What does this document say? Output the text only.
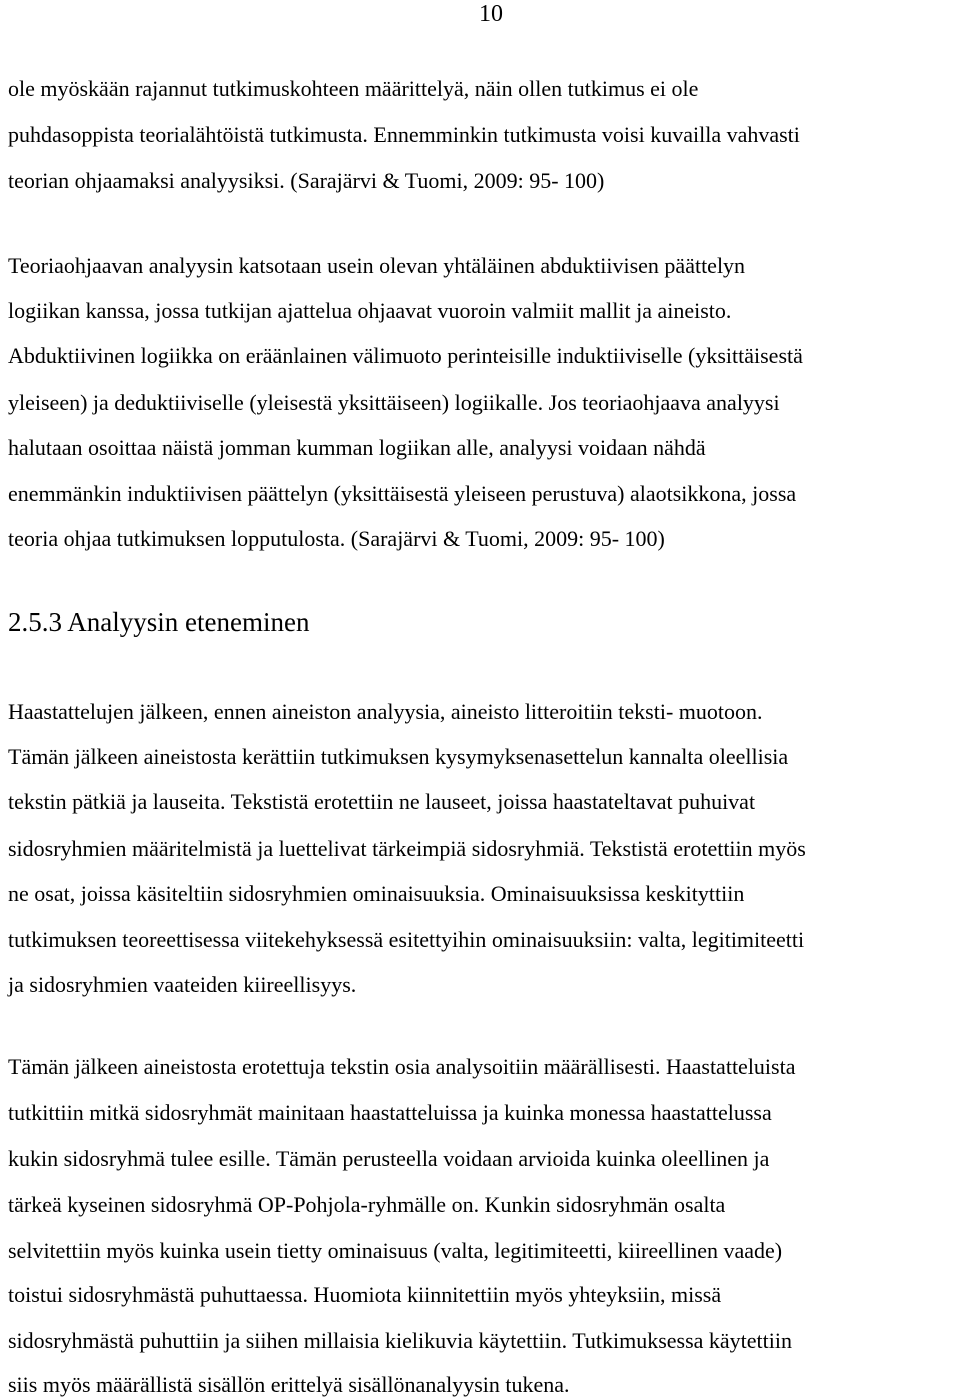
10
ole myöskään rajannut tutkimuskohteen määrittelyä, näin ollen tutkimus ei ole
puhdasoppista teorialähtöistä tutkimusta. Ennemminkin tutkimusta voisi kuvailla vahvasti
teorian ohjaamaksi analyysiksi. (Sarajärvi & Tuomi, 2009: 95- 100)
Teoriaohjaavan analyysin katsotaan usein olevan yhtäläinen abduktiivisen päättelyn
logiikan kanssa, jossa tutkijan ajattelua ohjaavat vuoroin valmiit mallit ja aineisto.
Abduktiivinen logiikka on eräänlainen välimuoto perinteisille induktiiviselle (yksittäisestä
yleiseen) ja deduktiiviselle (yleisestä yksittäiseen) logiikalle. Jos teoriaohjaava analyysi
halutaan osoittaa näistä jomman kumman logiikan alle, analyysi voidaan nähdä
enemmänkin induktiivisen päättelyn (yksittäisestä yleiseen perustuva) alaotsikkona, jossa
teoria ohjaa tutkimuksen lopputulosta. (Sarajärvi & Tuomi, 2009: 95- 100)
2.5.3 Analyysin eteneminen
Haastattelujen jälkeen, ennen aineiston analyysia, aineisto litteroitiin teksti- muotoon.
Tämän jälkeen aineistosta kerättiin tutkimuksen kysymyksenasettelun kannalta oleellisia
tekstin pätkiä ja lauseita. Tekstistä erotettiin ne lauseet, joissa haastateltavat puhuivat
sidosryhmien määritelmistä ja luettelivat tärkeimpiä sidosryhmiä. Tekstistä erotettiin myös
ne osat, joissa käsiteltiin sidosryhmien ominaisuuksia. Ominaisuuksissa keskityttiin
tutkimuksen teoreettisessa viitekehyksessä esitettyihin ominaisuuksiin: valta, legitimiteetti
ja sidosryhmien vaateiden kiireellisyys.
Tämän jälkeen aineistosta erotettuja tekstin osia analysoitiin määrällisesti. Haastatteluista
tutkittiin mitkä sidosryhmät mainitaan haastatteluissa ja kuinka monessa haastattelussa
kukin sidosryhmä tulee esille. Tämän perusteella voidaan arvioida kuinka oleellinen ja
tärkeä kyseinen sidosryhmä OP-Pohjola-ryhmälle on. Kunkin sidosryhmän osalta
selvitettiin myös kuinka usein tietty ominaisuus (valta, legitimiteetti, kiireellinen vaade)
toistui sidosryhmästä puhuttaessa. Huomiota kiinnitettiin myös yhteyksiin, missä
sidosryhmästä puhuttiin ja siihen millaisia kielikuvia käytettiin. Tutkimuksessa käytettiin
siis myös määrällistä sisällön erittelyä sisällönanalyysin tukena.
